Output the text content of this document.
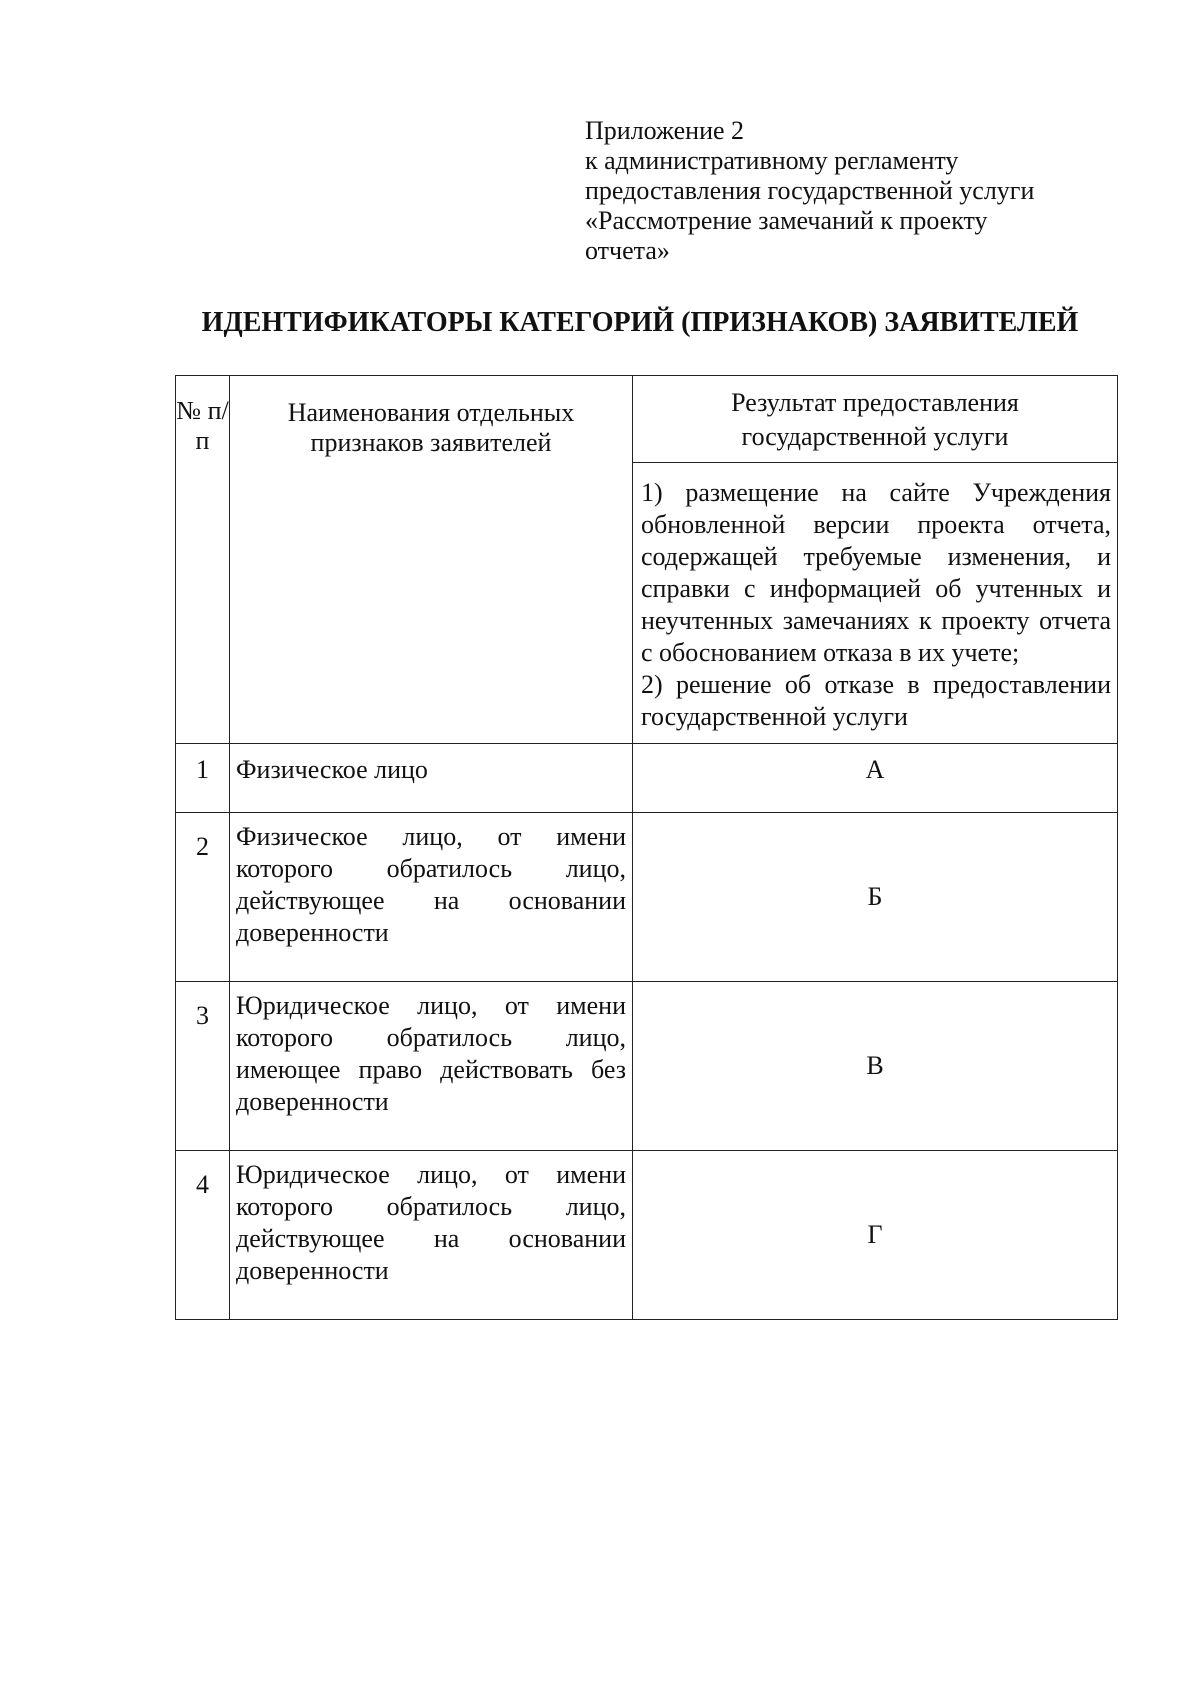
Приложение 2
к административному регламенту
предоставления государственной услуги
«Рассмотрение замечаний к проекту
отчета»
ИДЕНТИФИКАТОРЫ КАТЕГОРИЙ (ПРИЗНАКОВ) ЗАЯВИТЕЛЕЙ
№ п/п	Наименования отдельных признаков заявителей	Результат предоставления государственной услуги

		1) размещение на сайте Учреждения обновленной версии проекта отчета, содержащей требуемые изменения, и справки с информацией об учтенных и неучтенных замечаниях к проекту отчета с обоснованием отказа в их учете;
2) решение об отказе в предоставлении государственной услуги

1	Физическое лицо	А
2	Физическое лицо, от имени которого обратилось лицо, действующее на основании доверенности	Б
3	Юридическое лицо, от имени которого обратилось лицо, имеющее право действовать без доверенности	В
4	Юридическое лицо, от имени которого обратилось лицо, действующее на основании доверенности	Г
